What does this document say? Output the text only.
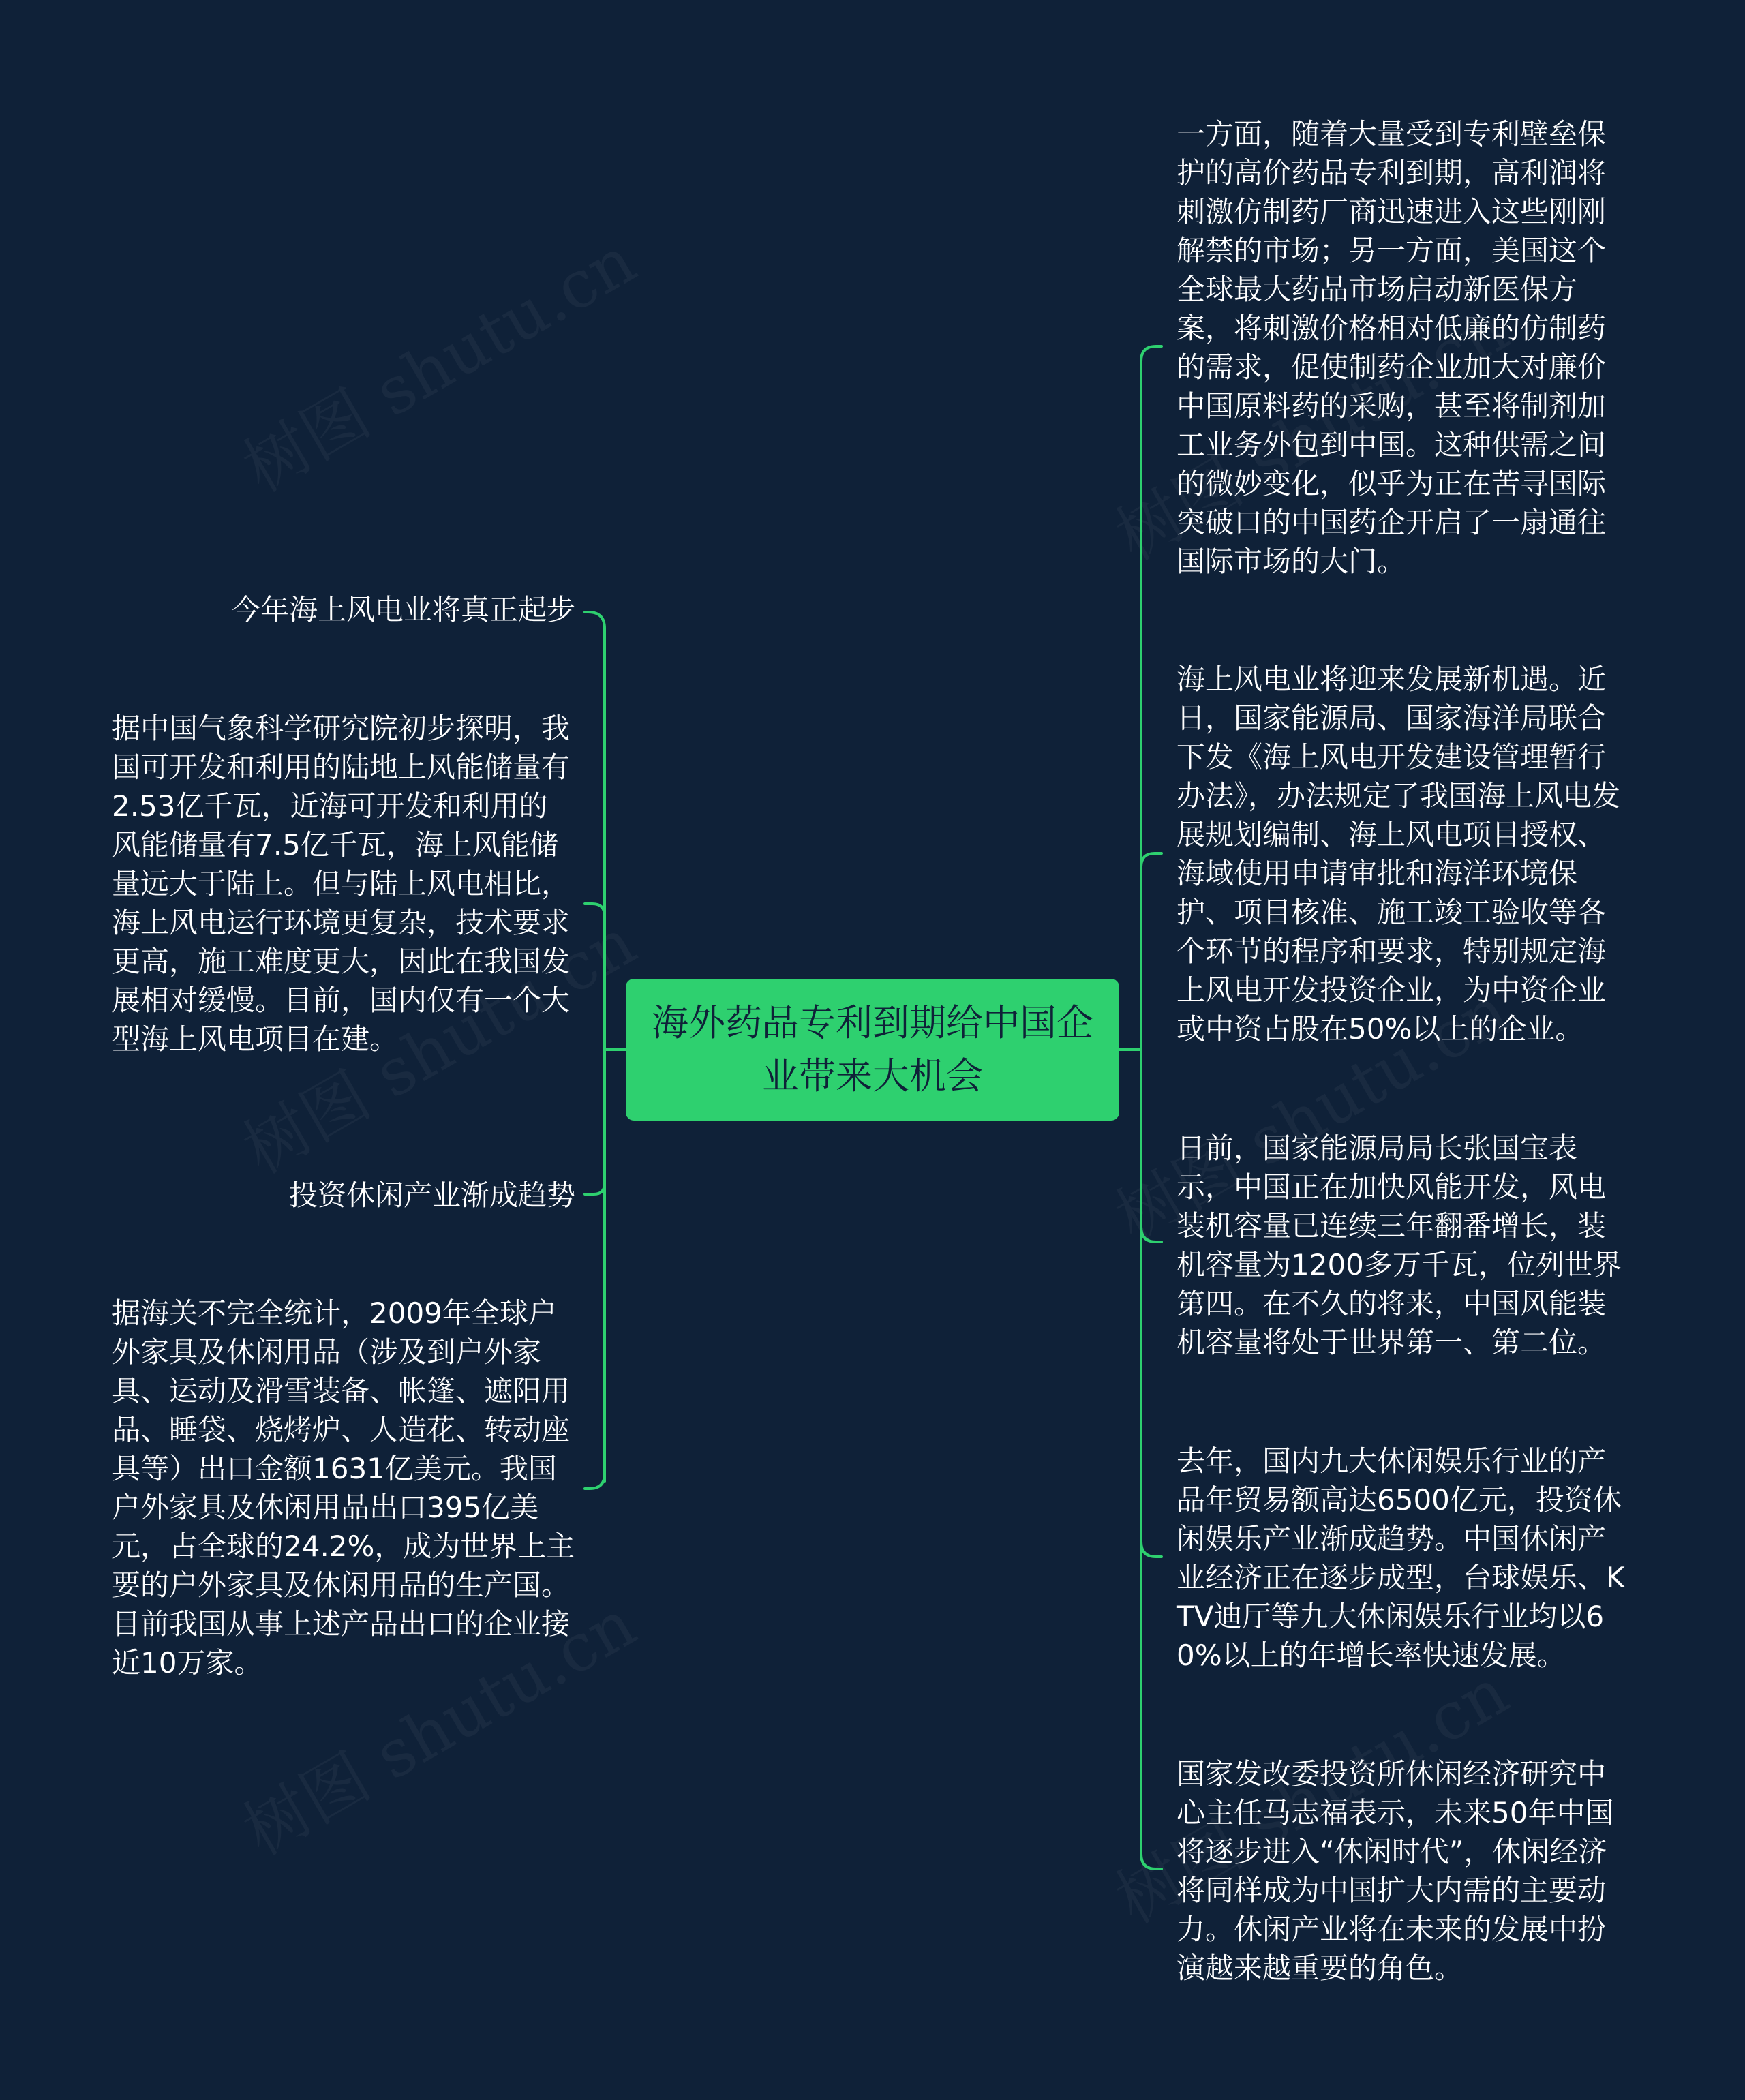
海外药品专利到期给中国企业带来大机会
今年海上风电业将真正起步
据中国气象科学研究院初步探明，我国可开发和利用的陆地上风能储量有2.53亿千瓦，近海可开发和利用的风能储量有7.5亿千瓦，海上风能储量远大于陆上。但与陆上风电相比，海上风电运行环境更复杂，技术要求更高，施工难度更大，因此在我国发展相对缓慢。目前，国内仅有一个大型海上风电项目在建。
投资休闲产业渐成趋势
据海关不完全统计，2009年全球户外家具及休闲用品（涉及到户外家具、运动及滑雪装备、帐篷、遮阳用品、睡袋、烧烤炉、人造花、转动座具等）出口金额1631亿美元。我国户外家具及休闲用品出口395亿美元，占全球的24.2%，成为世界上主要的户外家具及休闲用品的生产国。目前我国从事上述产品出口的企业接近10万家。
一方面，随着大量受到专利壁垒保护的高价药品专利到期，高利润将刺激仿制药厂商迅速进入这些刚刚解禁的市场；另一方面，美国这个全球最大药品市场启动新医保方案，将刺激价格相对低廉的仿制药的需求，促使制药企业加大对廉价中国原料药的采购，甚至将制剂加工业务外包到中国。这种供需之间的微妙变化，似乎为正在苦寻国际突破口的中国药企开启了一扇通往国际市场的大门。
海上风电业将迎来发展新机遇。近日，国家能源局、国家海洋局联合下发《海上风电开发建设管理暂行办法》，办法规定了我国海上风电发展规划编制、海上风电项目授权、海域使用申请审批和海洋环境保护、项目核准、施工竣工验收等各个环节的程序和要求，特别规定海上风电开发投资企业，为中资企业或中资占股在50%以上的企业。
日前，国家能源局局长张国宝表示，中国正在加快风能开发，风电装机容量已连续三年翻番增长，装机容量为1200多万千瓦，位列世界第四。在不久的将来，中国风能装机容量将处于世界第一、第二位。
去年，国内九大休闲娱乐行业的产品年贸易额高达6500亿元，投资休闲娱乐产业渐成趋势。中国休闲产业经济正在逐步成型，台球娱乐、KTV迪厅等九大休闲娱乐行业均以60%以上的年增长率快速发展。
国家发改委投资所休闲经济研究中心主任马志福表示，未来50年中国将逐步进入“休闲时代”，休闲经济将同样成为中国扩大内需的主要动力。休闲产业将在未来的发展中扮演越来越重要的角色。
